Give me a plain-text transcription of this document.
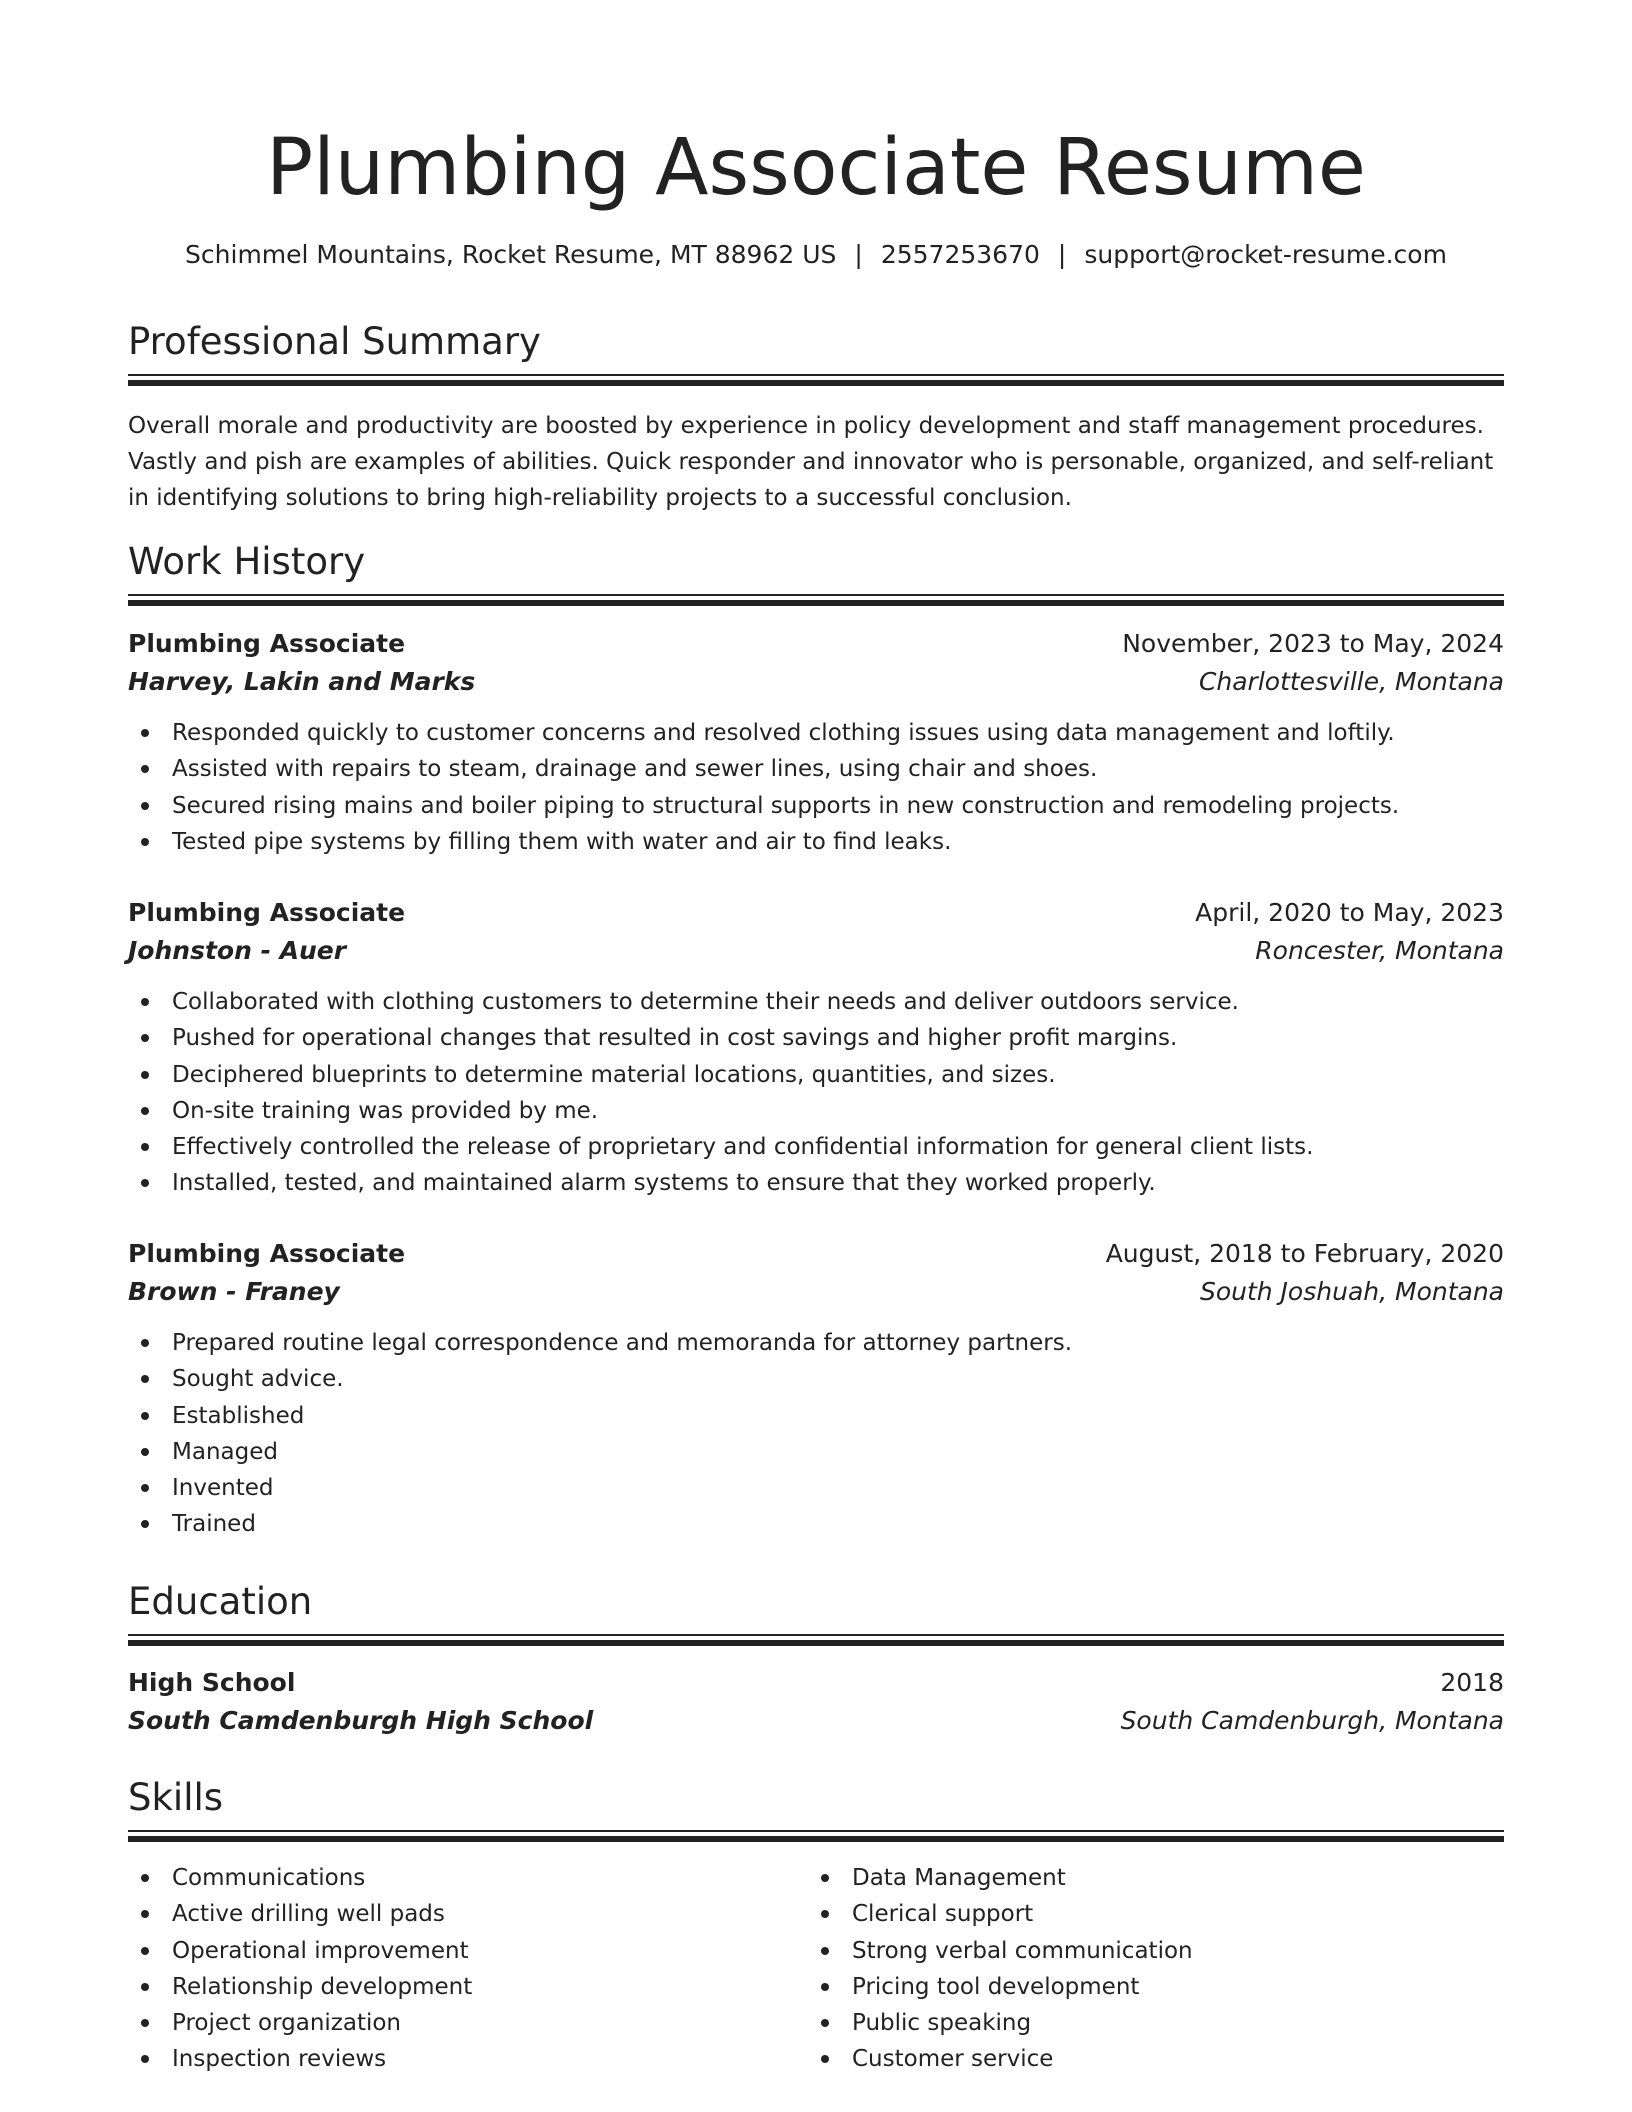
Plumbing Associate Resume
Schimmel Mountains, Rocket Resume, MT 88962 US | 2557253670 | support@rocket-resume.com
Professional Summary

Overall morale and productivity are boosted by experience in policy development and staff management procedures. Vastly and pish are examples of abilities. Quick responder and innovator who is personable, organized, and self-reliant in identifying solutions to bring high-reliability projects to a successful conclusion.

Work History
Plumbing Associate	November, 2023 to May, 2024
Harvey, Lakin and Marks	Charlottesville, Montana
Responded quickly to customer concerns and resolved clothing issues using data management and loftily.
Assisted with repairs to steam, drainage and sewer lines, using chair and shoes.
Secured rising mains and boiler piping to structural supports in new construction and remodeling projects.
Tested pipe systems by filling them with water and air to find leaks.
Plumbing Associate	April, 2020 to May, 2023
Johnston - Auer	Roncester, Montana
Collaborated with clothing customers to determine their needs and deliver outdoors service.
Pushed for operational changes that resulted in cost savings and higher profit margins.
Deciphered blueprints to determine material locations, quantities, and sizes.
On-site training was provided by me.
Effectively controlled the release of proprietary and confidential information for general client lists.
Installed, tested, and maintained alarm systems to ensure that they worked properly.
Plumbing Associate	August, 2018 to February, 2020
Brown - Franey	South Joshuah, Montana
Prepared routine legal correspondence and memoranda for attorney partners.
Sought advice.
Established
Managed
Invented
Trained
Education
High School	2018
South Camdenburgh High School	South Camdenburgh, Montana
Skills
Communications
Active drilling well pads
Operational improvement
Relationship development
Project organization
Inspection reviews
Data Management
Clerical support
Strong verbal communication
Pricing tool development
Public speaking
Customer service
